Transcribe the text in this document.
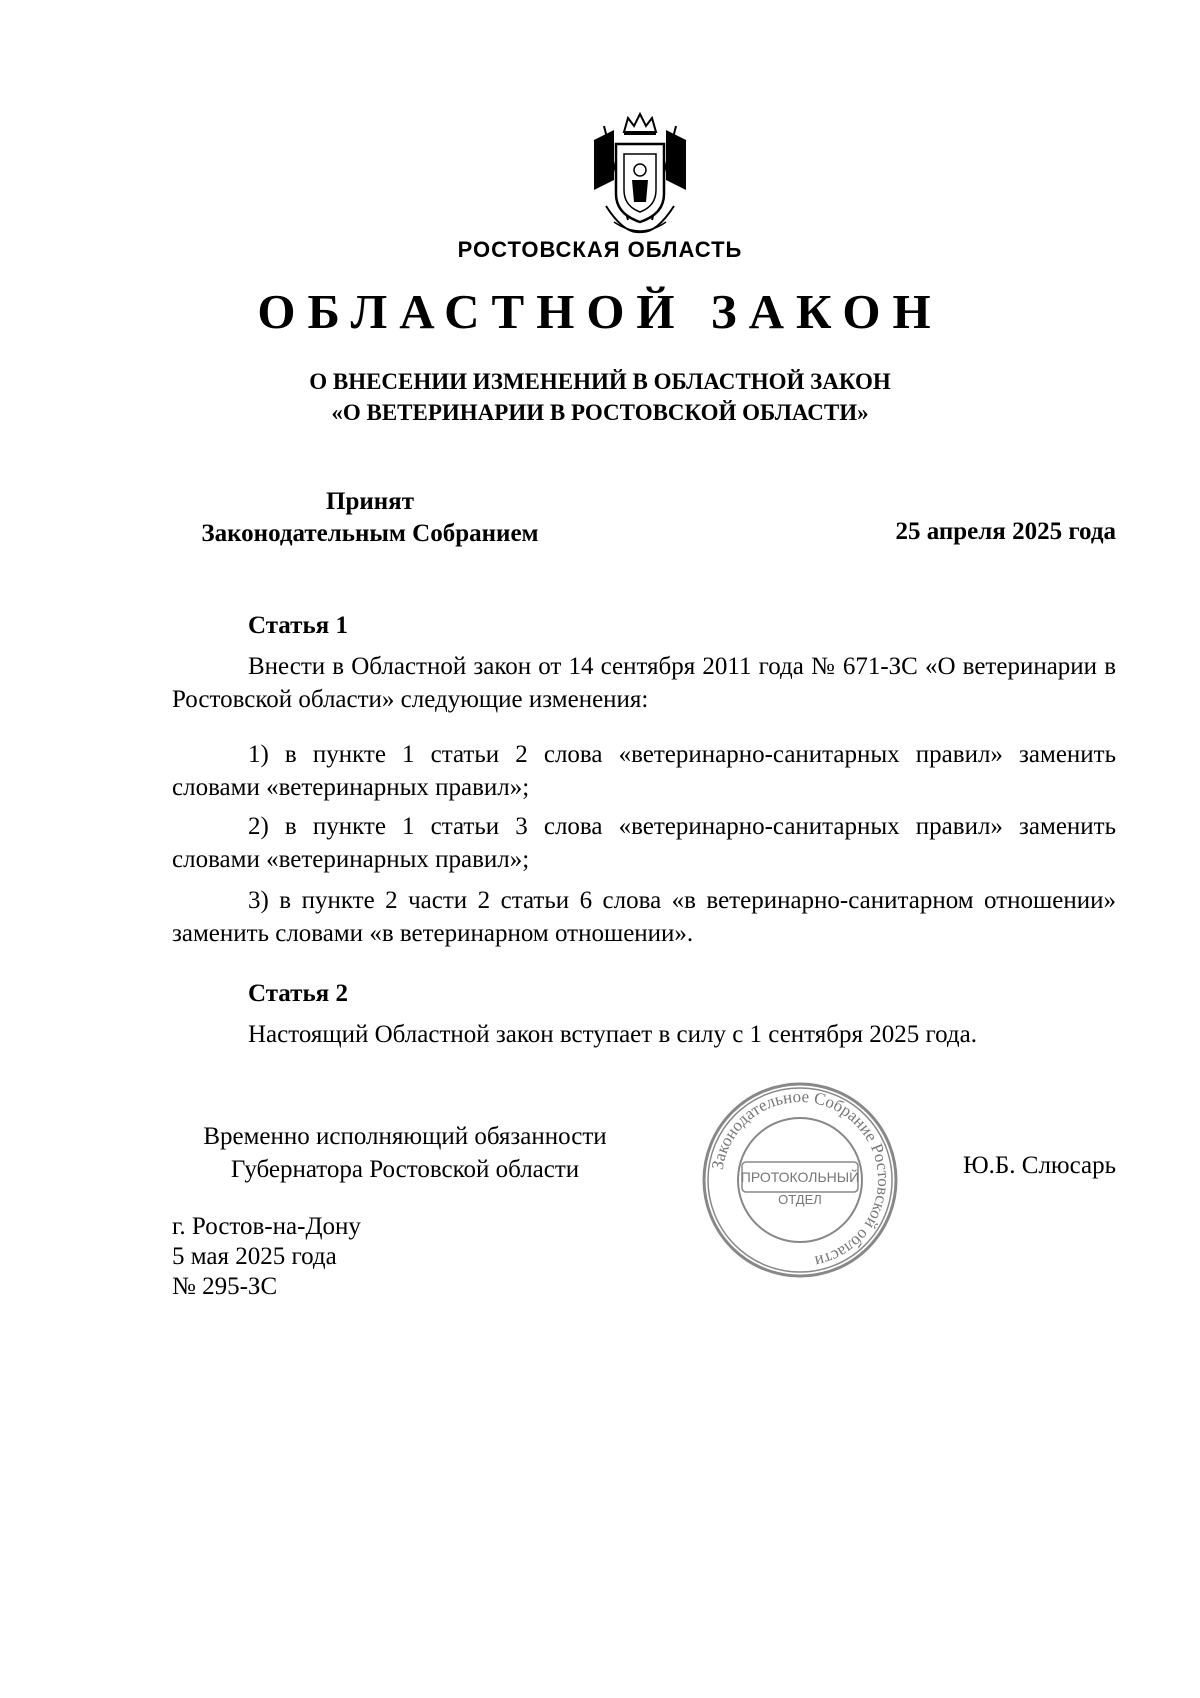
РОСТОВСКАЯ ОБЛАСТЬ
ОБЛАСТНОЙ ЗАКОН
О ВНЕСЕНИИ ИЗМЕНЕНИЙ В ОБЛАСТНОЙ ЗАКОН
«О ВЕТЕРИНАРИИ В РОСТОВСКОЙ ОБЛАСТИ»
Принят
Законодательным Собранием	25 апреля 2025 года
Статья 1
Внести в Областной закон от 14 сентября 2011 года № 671-ЗС «О ветеринарии в Ростовской области» следующие изменения:
1) в пункте 1 статьи 2 слова «ветеринарно-санитарных правил» заменить словами «ветеринарных правил»;
2) в пункте 1 статьи 3 слова «ветеринарно-санитарных правил» заменить словами «ветеринарных правил»;
3) в пункте 2 части 2 статьи 6 слова «в ветеринарно-санитарном отношении» заменить словами «в ветеринарном отношении».
Статья 2
Настоящий Областной закон вступает в силу с 1 сентября 2025 года.
Временно исполняющий обязанности
Губернатора Ростовской области	Ю.Б. Слюсарь
Законодательное Собрание Ростовской области
ПРОТОКОЛЬНЫЙ
ОТДЕЛ
г. Ростов-на-Дону
5 мая 2025 года
№ 295-ЗС
